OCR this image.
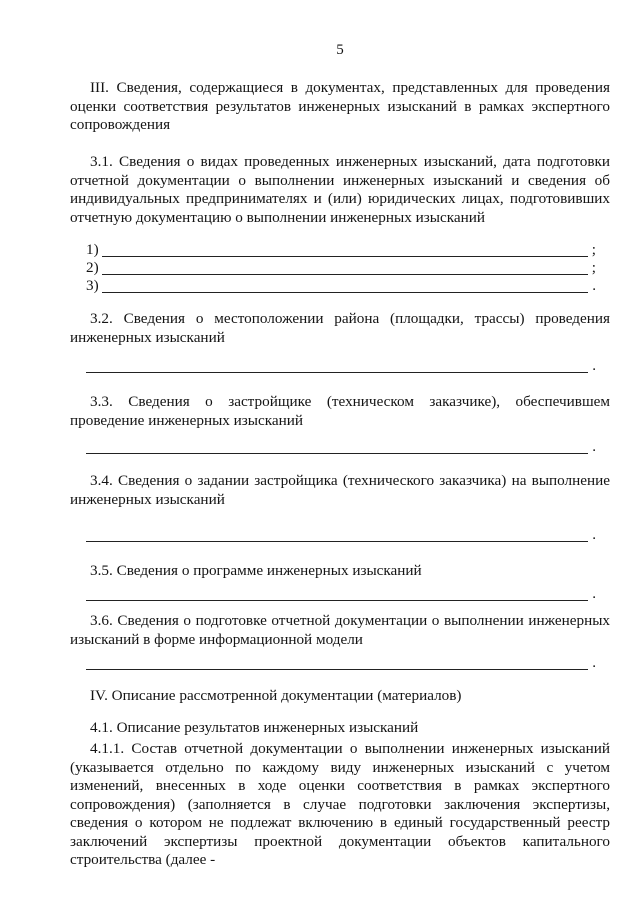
5

III. Сведения, содержащиеся в документах, представленных для проведения оценки соответствия результатов инженерных изысканий в рамках экспертного сопровождения

3.1. Сведения о видах проведенных инженерных изысканий, дата подготовки отчетной документации о выполнении инженерных изысканий и сведения об индивидуальных предпринимателях и (или) юридических лицах, подготовивших отчетную документацию о выполнении инженерных изысканий

1)	;
2)	;
3)	.

3.2. Сведения о местоположении района (площадки, трассы) проведения инженерных изысканий

.

3.3. Сведения о застройщике (техническом заказчике), обеспечившем проведение инженерных изысканий

.

3.4. Сведения о задании застройщика (технического заказчика) на выполнение инженерных изысканий

.

3.5. Сведения о программе инженерных изысканий

.

3.6. Сведения о подготовке отчетной документации о выполнении инженерных изысканий в форме информационной модели

.

IV. Описание рассмотренной документации (материалов)

4.1. Описание результатов инженерных изысканий

4.1.1. Состав отчетной документации о выполнении инженерных изысканий (указывается отдельно по каждому виду инженерных изысканий с учетом изменений, внесенных в ходе оценки соответствия в рамках экспертного сопровождения) (заполняется в случае подготовки заключения экспертизы, сведения о котором не подлежат включению в единый государственный реестр заключений экспертизы проектной документации объектов капитального строительства (далее -
